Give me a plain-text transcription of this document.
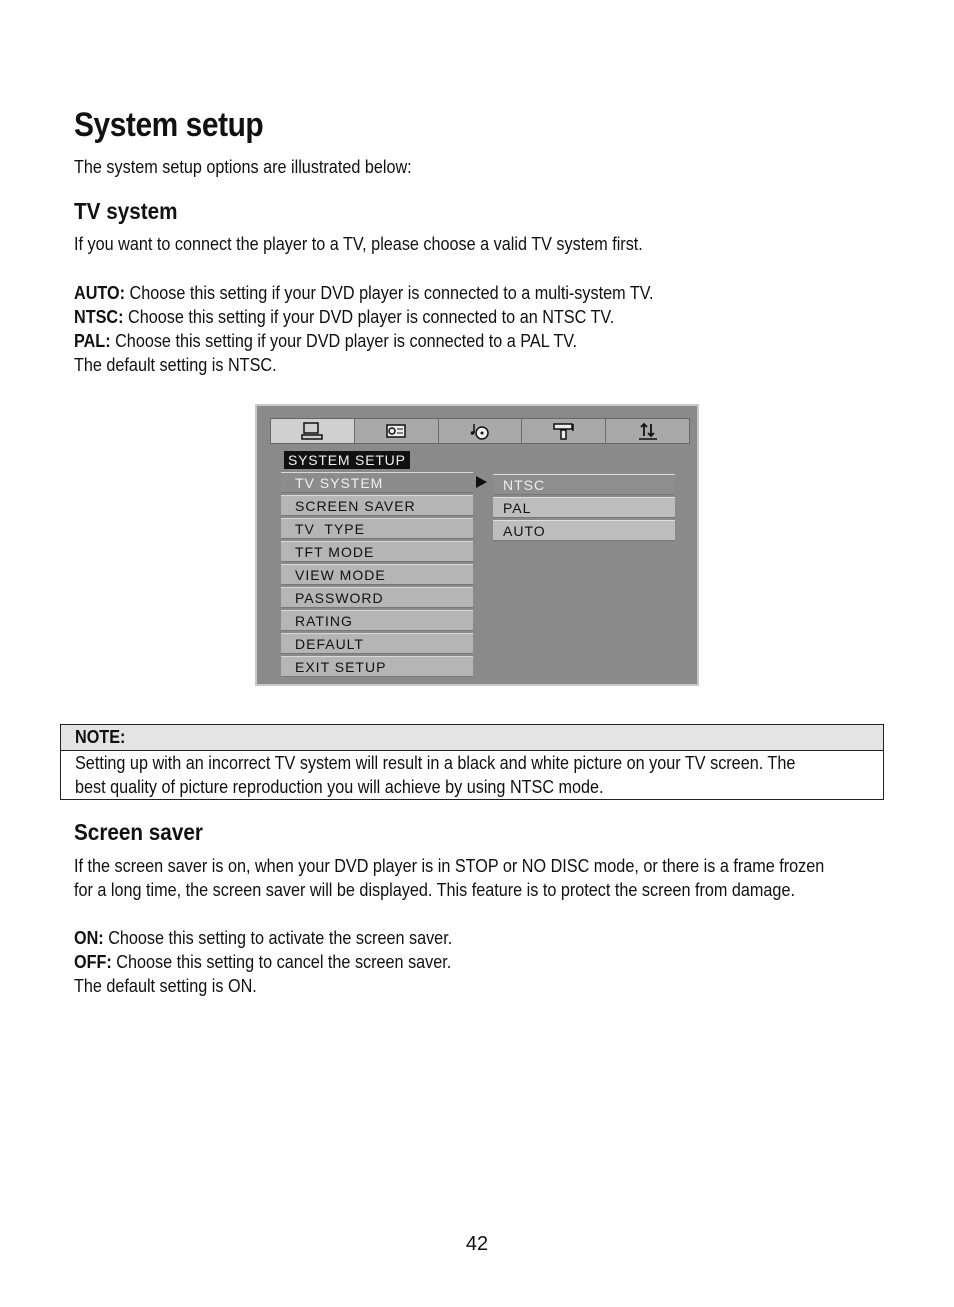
System setup
The system setup options are illustrated below:
TV system
If you want to connect the player to a TV, please choose a valid TV system first.
AUTO: Choose this setting if your DVD player is connected to a multi-system TV.
NTSC: Choose this setting if your DVD player is connected to an NTSC TV.
PAL: Choose this setting if your DVD player is connected to a PAL TV.
The default setting is NTSC.
SYSTEM SETUP
TV SYSTEM
SCREEN SAVER
TV  TYPE
TFT MODE
VIEW MODE
PASSWORD
RATING
DEFAULT
EXIT SETUP
NTSC
PAL
AUTO
NOTE:
Setting up with an incorrect TV system will result in a black and white picture on your TV screen. The
best quality of picture reproduction you will achieve by using NTSC mode.
Screen saver
If the screen saver is on, when your DVD player is in STOP or NO DISC mode, or there is a frame frozen
for a long time, the screen saver will be displayed. This feature is to protect the screen from damage.
ON: Choose this setting to activate the screen saver.
OFF: Choose this setting to cancel the screen saver.
The default setting is ON.
42
